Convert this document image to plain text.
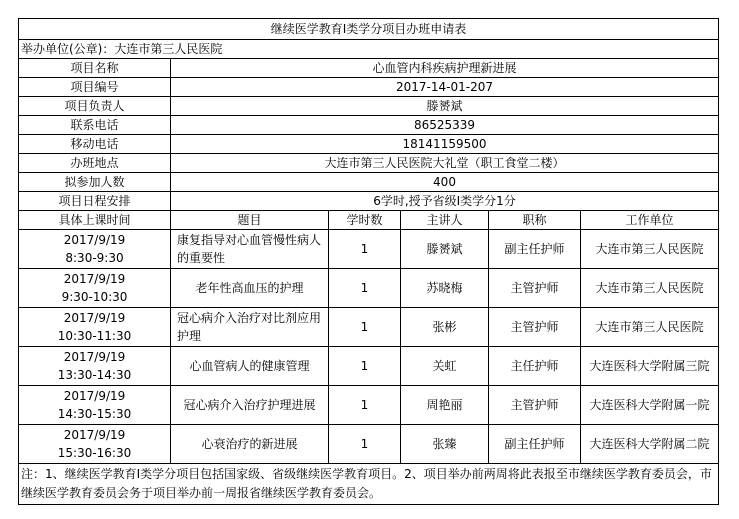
继续医学教育Ⅰ类学分项目办班申请表					
举办单位(公章)：大连市第三人民医院					
项目名称	心血管内科疾病护理新进展				
项目编号	2017-14-01-207				
项目负责人	滕赟斌				
联系电话	86525339				
移动电话	18141159500				
办班地点	大连市第三人民医院大礼堂（职工食堂二楼）				
拟参加人数	400				
项目日程安排	6学时,授予省级Ⅰ类学分1分				
具体上课时间	题目	学时数	主讲人	职称	工作单位

2017/9/19
8:30-9:30	康复指导对心血管慢性病人的重要性	1	滕赟斌	副主任护师	大连市第三人民医院

2017/9/19
9:30-10:30	老年性高血压的护理	1	苏晓梅	主管护师	大连市第三人民医院

2017/9/19
10:30-11:30	冠心病介入治疗对比剂应用护理	1	张彬	主管护师	大连市第三人民医院

2017/9/19
13:30-14:30	心血管病人的健康管理	1	关虹	主任护师	大连医科大学附属三院

2017/9/19
14:30-15:30	冠心病介入治疗护理进展	1	周艳丽	主管护师	大连医科大学附属一院

2017/9/19
15:30-16:30	心衰治疗的新进展	1	张臻	副主任护师	大连医科大学附属二院
注：1、继续医学教育Ⅰ类学分项目包括国家级、省级继续医学教育项目。2、项目举办前两周将此表报至市继续医学教育委员会，市继续医学教育委员会务于项目举办前一周报省继续医学教育委员会。					
